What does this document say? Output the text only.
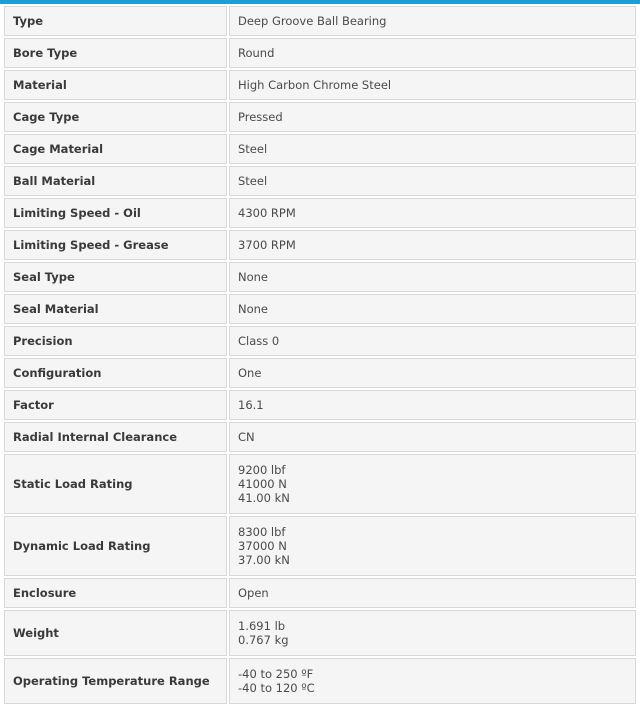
Type	Deep Groove Ball Bearing

Bore Type	Round

Material	High Carbon Chrome Steel

Cage Type	Pressed

Cage Material	Steel

Ball Material	Steel

Limiting Speed - Oil	4300 RPM

Limiting Speed - Grease	3700 RPM

Seal Type	None

Seal Material	None

Precision	Class 0

Configuration	One

Factor	16.1

Radial Internal Clearance	CN

Static Load Rating	9200 lbf
41000 N
41.00 kN

Dynamic Load Rating	8300 lbf
37000 N
37.00 kN

Enclosure	Open

Weight	1.691 lb
0.767 kg

Operating Temperature Range	-40 to 250 ºF
-40 to 120 ºC
